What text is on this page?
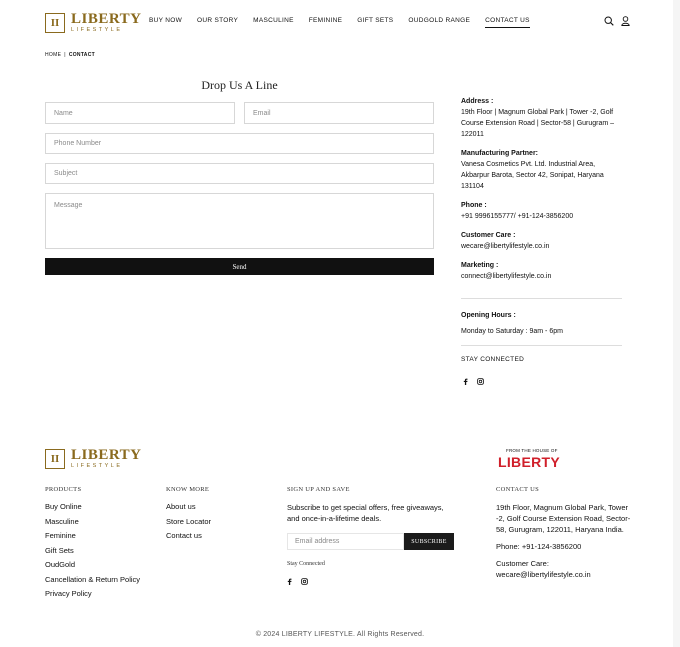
II LIBERTY
LIFESTYLE
BUY NOW OUR STORY MASCULINE FEMININE GIFT SETS OUDGOLD RANGE CONTACT US
HOME | CONTACT
Drop Us A Line
Name	Email
Phone Number
Subject
Message
Send
Address :
19th Floor | Magnum Global Park | Tower -2, Golf Course Extension Road | Sector-58 | Gurugram – 122011
Manufacturing Partner:
Vanesa Cosmetics Pvt. Ltd. Industrial Area, Akbarpur Barota, Sector 42, Sonipat, Haryana 131104
Phone :
+91 9996155777/ +91-124-3856200
Customer Care :
wecare@libertylifestyle.co.in
Marketing :
connect@libertylifestyle.co.in
Opening Hours :
Monday to Saturday : 9am - 6pm
STAY CONNECTED
II LIBERTY
LIFESTYLE
FROM THE HOUSE OF
LIBERTY
PRODUCTS
Buy Online
Masculine
Feminine
Gift Sets
OudGold
Cancellation & Return Policy
Privacy Policy
KNOW MORE
About us
Store Locator
Contact us
SIGN UP AND SAVE
Subscribe to get special offers, free giveaways, and once-in-a-lifetime deals.
Email address	SUBSCRIBE
Stay Connected
CONTACT US

19th Floor, Magnum Global Park, Tower -2, Golf Course Extension Road, Sector-58, Gurugram, 122011, Haryana India.

Phone: +91-124-3856200

Customer Care:
wecare@libertylifestyle.co.in
© 2024 LIBERTY LIFESTYLE. All Rights Reserved.
